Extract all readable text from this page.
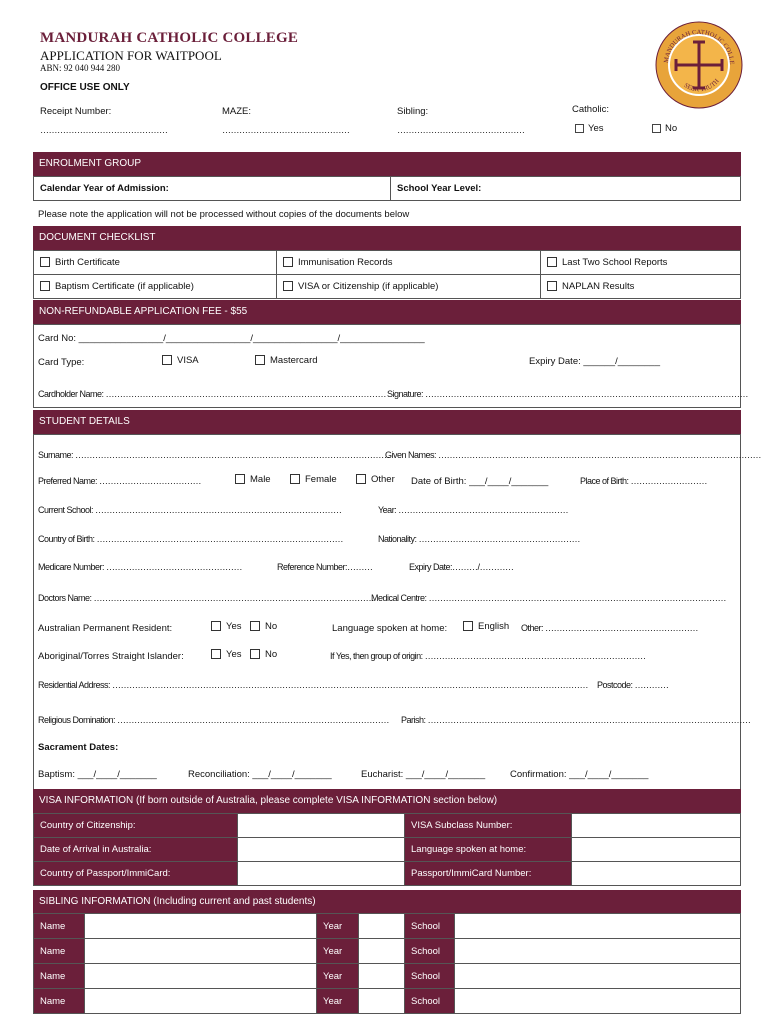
MANDURAH CATHOLIC COLLEGE
APPLICATION FOR WAITPOOL
ABN: 92 040 944 280
MANDURAH CATHOLIC COLLE
SEEK TRUTH
OFFICE USE ONLY
Receipt Number:
………………………………………
MAZE:
………………………………………
Sibling:
………………………………………
Catholic:
Yes	No
ENROLMENT GROUP
Calendar Year of Admission:	School Year Level:
Please note the application will not be processed without copies of the documents below
DOCUMENT CHECKLIST
Birth Certificate	Immunisation Records	Last Two School Reports
Baptism Certificate (if applicable)	VISA or Citizenship (if applicable)	NAPLAN Results
NON-REFUNDABLE APPLICATION FEE - $55
Card No: ________________/________________/________________/________________
Card Type:	VISA	Mastercard	Expiry Date: ______/________
Cardholder Name: ……………………………………………………………………………………… Signature: ……………………………………………………………………………………………………
STUDENT DETAILS
Surname: …………………………………………………………………………………………………
Given Names: ……………………………………………………………………………………………………
Preferred Name: ………………………………	Male	Female	Other Date of Birth: ___/____/_______	Place of Birth: ………………………
Current School: ……………………………………………………………………………	Year: ……………………………………………………
Country of Birth: ……………………………………………………………………………	Nationality: …………………………………………………
Medicare Number: …………………………………………	Reference Number:………	Expiry Date:………/…………
Doctors Name: ………………………………………………………………………………………
Medical Centre: ……………………………………………………………………………………………
Australian Permanent Resident:	Yes	No	Language spoken at home:	English Other: ………………………………………………
Aboriginal/Torres Straight Islander:	Yes	No	If Yes, then group of origin: ……………………………………………………………………
Residential Address: …………………………………………………………………………………………………………………………………………………… Postcode: …………
Religious Domination: ……………………………………………………………………………………	Parish: ……………………………………………………………………………………………………
Sacrament Dates:
Baptism: ___/____/_______	Reconciliation: ___/____/_______	Eucharist: ___/____/_______	Confirmation: ___/____/_______
VISA INFORMATION (If born outside of Australia, please complete VISA INFORMATION section below)
Country of Citizenship:		VISA Subclass Number:	
Date of Arrival in Australia:		Language spoken at home:	
Country of Passport/ImmiCard:		Passport/ImmiCard Number:	
SIBLING INFORMATION (Including current and past students)
Name		Year		School	
Name		Year		School	
Name		Year		School	
Name		Year		School	
